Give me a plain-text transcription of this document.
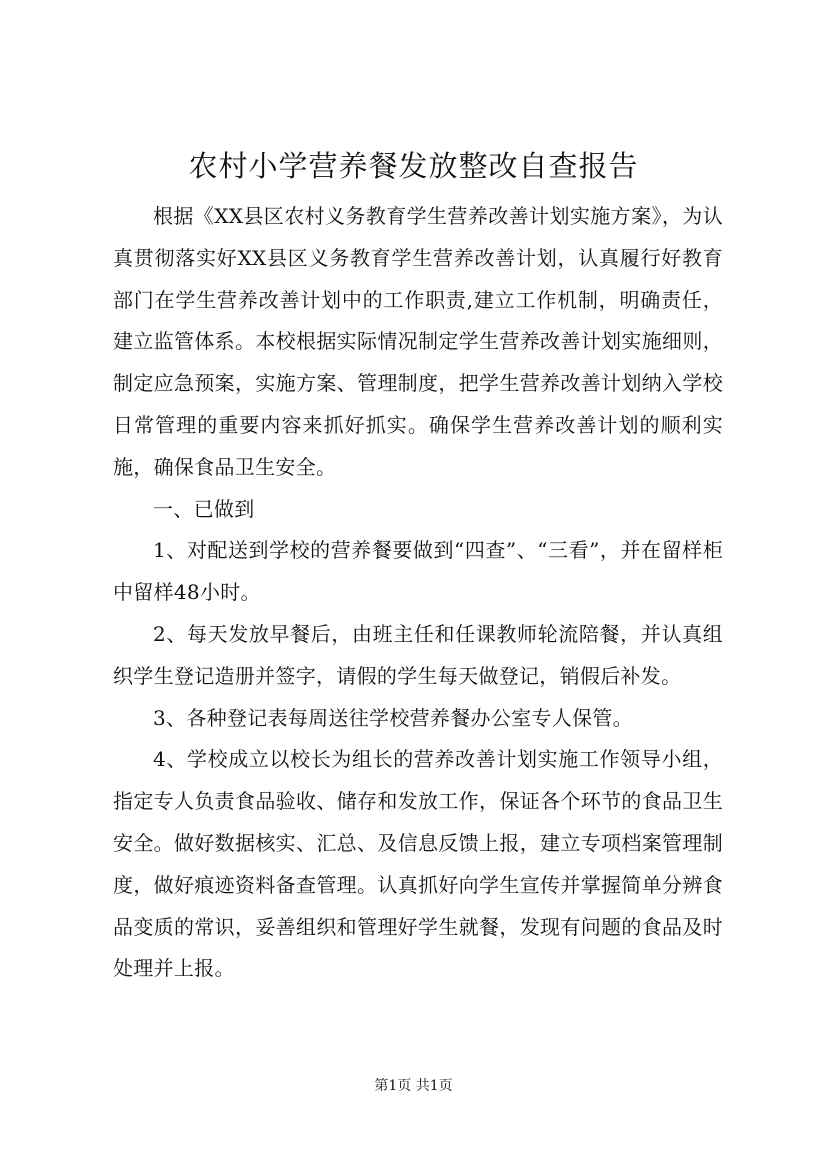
农村小学营养餐发放整改自查报告

根据《XX县区农村义务教育学生营养改善计划实施方案》，为认真贯彻落实好XX县区义务教育学生营养改善计划，认真履行好教育部门在学生营养改善计划中的工作职责,建立工作机制，明确责任，建立监管体系。本校根据实际情况制定学生营养改善计划实施细则，制定应急预案，实施方案、管理制度，把学生营养改善计划纳入学校日常管理的重要内容来抓好抓实。确保学生营养改善计划的顺利实施，确保食品卫生安全。

一、已做到

1、对配送到学校的营养餐要做到“四查”、“三看”，并在留样柜中留样48小时。

2、每天发放早餐后，由班主任和任课教师轮流陪餐，并认真组织学生登记造册并签字，请假的学生每天做登记，销假后补发。

3、各种登记表每周送往学校营养餐办公室专人保管。

4、学校成立以校长为组长的营养改善计划实施工作领导小组，指定专人负责食品验收、储存和发放工作，保证各个环节的食品卫生安全。做好数据核实、汇总、及信息反馈上报，建立专项档案管理制度，做好痕迹资料备查管理。认真抓好向学生宣传并掌握简单分辨食品变质的常识，妥善组织和管理好学生就餐，发现有问题的食品及时处理并上报。

第1页 共1页
